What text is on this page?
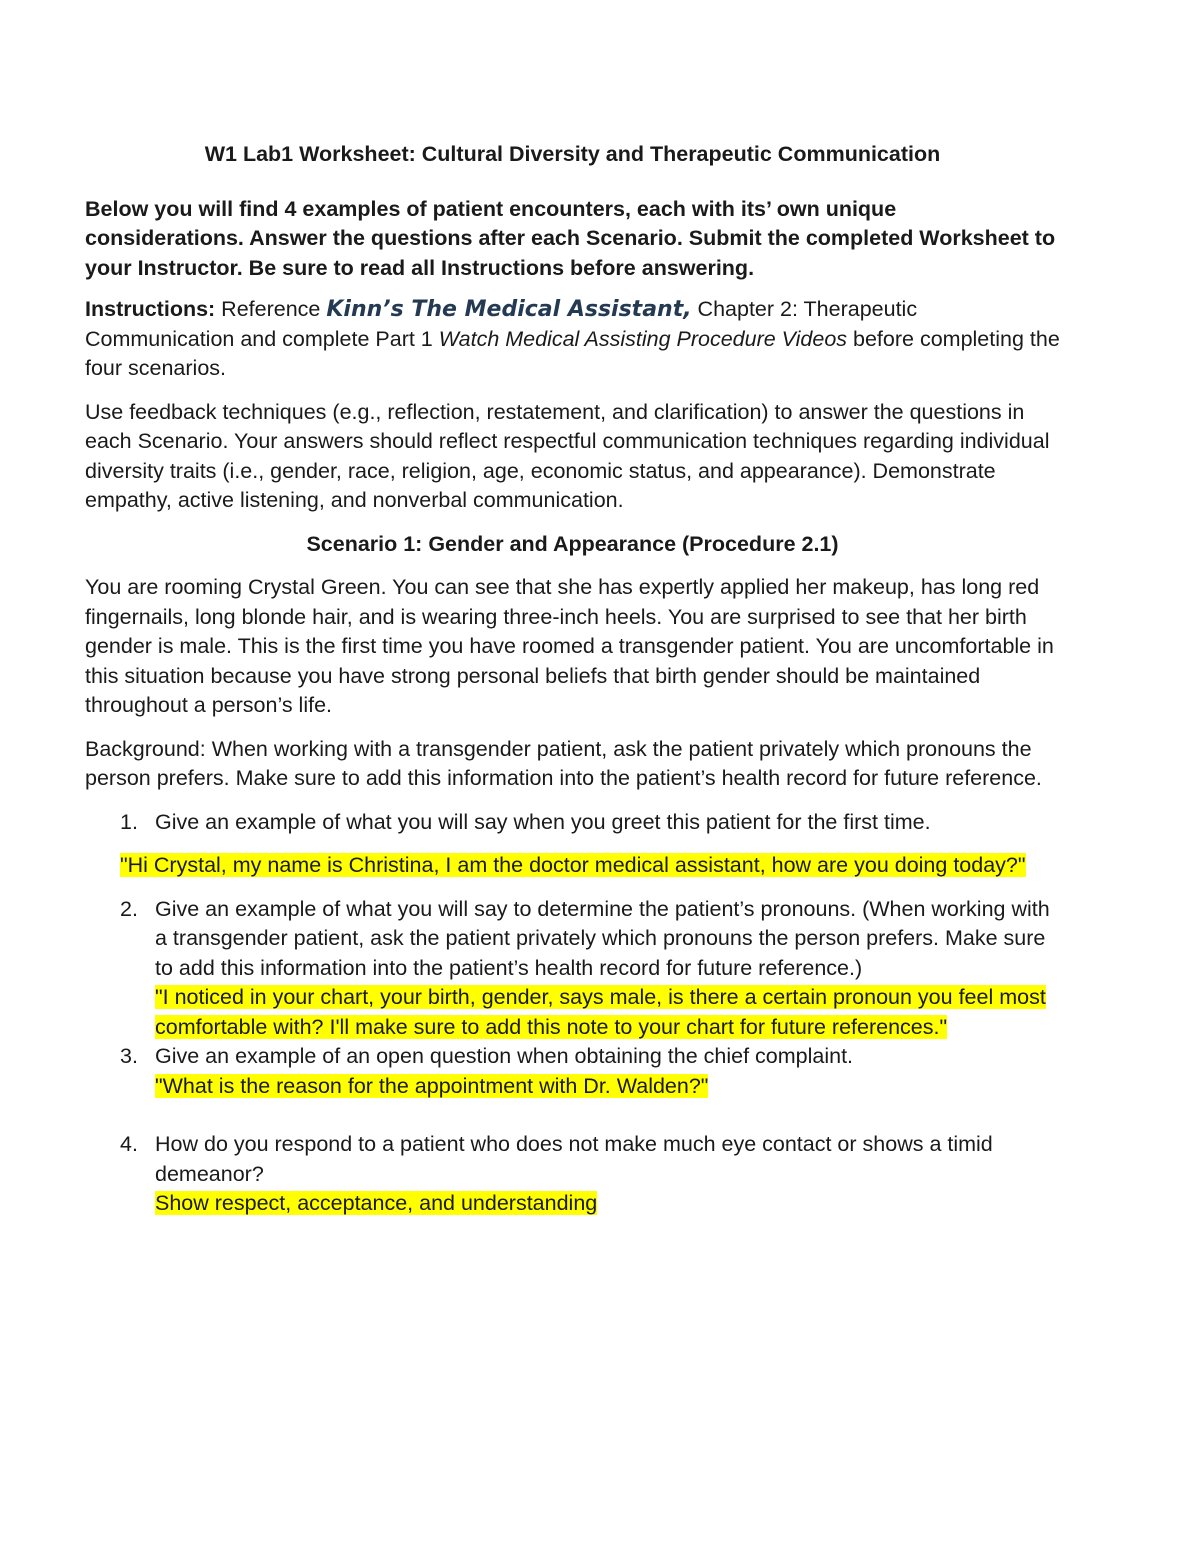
W1 Lab1 Worksheet: Cultural Diversity and Therapeutic Communication

Below you will find 4 examples of patient encounters, each with its’ own unique considerations. Answer the questions after each Scenario. Submit the completed Worksheet to your Instructor. Be sure to read all Instructions before answering.

Instructions: Reference Kinn’s The Medical Assistant, Chapter 2: Therapeutic Communication and complete Part 1 Watch Medical Assisting Procedure Videos before completing the four scenarios.

Use feedback techniques (e.g., reflection, restatement, and clarification) to answer the questions in each Scenario. Your answers should reflect respectful communication techniques regarding individual diversity traits (i.e., gender, race, religion, age, economic status, and appearance). Demonstrate empathy, active listening, and nonverbal communication.

Scenario 1: Gender and Appearance (Procedure 2.1)

You are rooming Crystal Green. You can see that she has expertly applied her makeup, has long red fingernails, long blonde hair, and is wearing three-inch heels. You are surprised to see that her birth gender is male. This is the first time you have roomed a transgender patient. You are uncomfortable in this situation because you have strong personal beliefs that birth gender should be maintained throughout a person’s life.

Background: When working with a transgender patient, ask the patient privately which pronouns the person prefers. Make sure to add this information into the patient’s health record for future reference.

1. Give an example of what you will say when you greet this patient for the first time.
"Hi Crystal, my name is Christina, I am the doctor medical assistant, how are you doing today?"
2. Give an example of what you will say to determine the patient’s pronouns. (When working with a transgender patient, ask the patient privately which pronouns the person prefers. Make sure to add this information into the patient’s health record for future reference.)
"I noticed in your chart, your birth, gender, says male, is there a certain pronoun you feel most comfortable with? I'll make sure to add this note to your chart for future references."
3. Give an example of an open question when obtaining the chief complaint.
"What is the reason for the appointment with Dr. Walden?"
4. How do you respond to a patient who does not make much eye contact or shows a timid demeanor?
Show respect, acceptance, and understanding
